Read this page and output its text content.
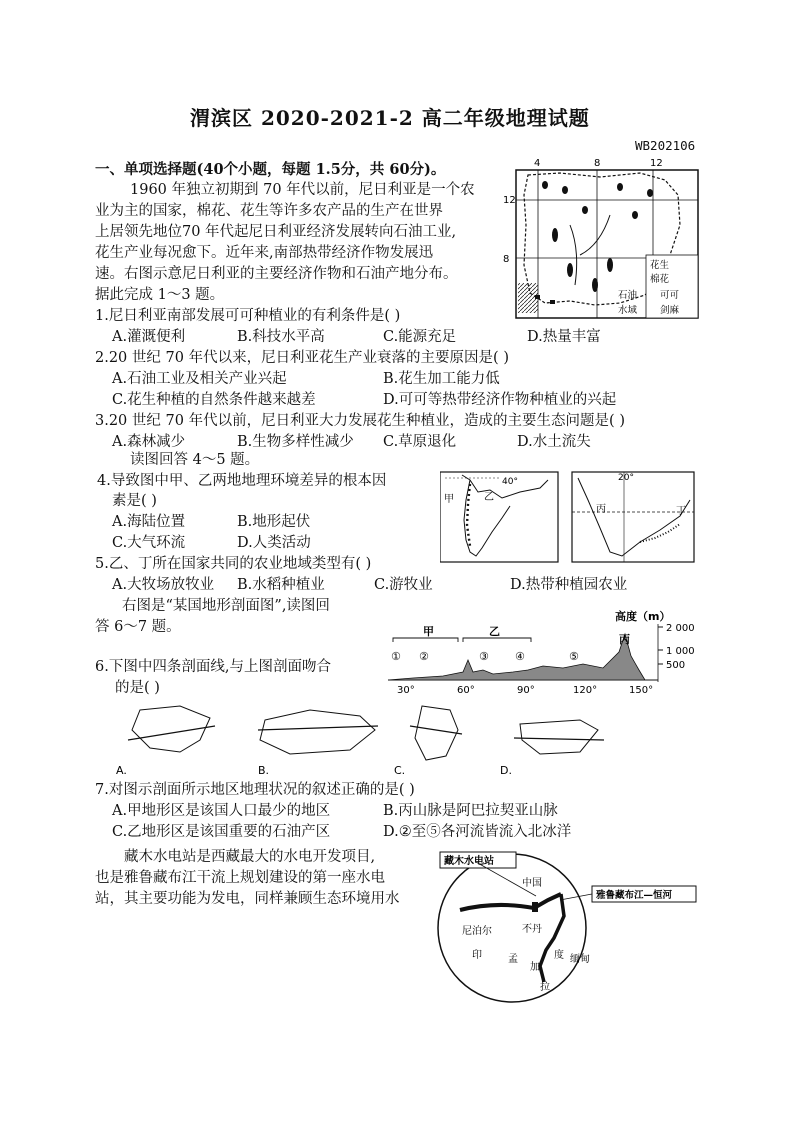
渭滨区 2020-2021-2 高二年级地理试题
WB202106
一、单项选择题(40个小题，每题 1.5分，共 60分)。
1960 年独立初期到 70 年代以前，尼日利亚是一个农
业为主的国家，棉花、花生等许多农产品的生产在世界
上居领先地位70 年代起尼日利亚经济发展转向石油工业,
花生产业每况愈下。近年来,南部热带经济作物发展迅
速。右图示意尼日利亚的主要经济作物和石油产地分布。
据此完成 1～3 题。
4	8	12
12
8
花生
棉花
石油 可可
水域 剑麻
1.尼日利亚南部发展可可种植业的有利条件是( )
A.灌溉便利	B.科技水平高	C.能源充足	D.热量丰富
2.20 世纪 70 年代以来，尼日利亚花生产业衰落的主要原因是( )
A.石油工业及相关产业兴起	B.花生加工能力低
C.花生种植的自然条件越来越差	D.可可等热带经济作物种植业的兴起
3.20 世纪 70 年代以前，尼日利亚大力发展花生种植业，造成的主要生态问题是( )
A.森林减少	B.生物多样性减少 C.草原退化	D.水土流失
读图回答 4～5 题。
4.导致图中甲、乙两地地理环境差异的根本因
素是( )
A.海陆位置	B.地形起伏
C.大气环流	D.人类活动
40°
甲	乙
20°
丙	丁
5.乙、丁所在国家共同的农业地域类型有( )
A.大牧场放牧业 B.水稻种植业	C.游牧业	D.热带种植园农业
右图是“某国地形剖面图”,读图回
答 6～7 题。
高度（m）
2 000
1 000
500
甲	乙
丙
① ②	③ ④	⑤
30°	60°	90°	120°	150°
6.下图中四条剖面线,与上图剖面吻合
的是( )
A.	B.	C.	D.
7.对图示剖面所示地区地理状况的叙述正确的是( )
A.甲地形区是该国人口最少的地区	B.丙山脉是阿巴拉契亚山脉
C.乙地形区是该国重要的石油产区	D.②至⑤各河流皆流入北冰洋
藏木水电站是西藏最大的水电开发项目,
也是雅鲁藏布江干流上规划建设的第一座水电
站，其主要功能为发电，同样兼顾生态环境用水
藏木水电站
雅鲁藏布江—恒河
中国
尼泊尔	不丹
印	孟
加
度 缅甸
拉
